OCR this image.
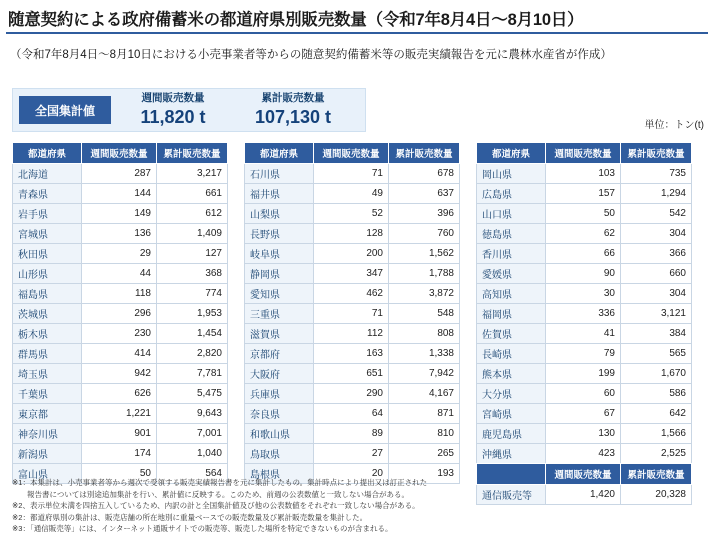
随意契約による政府備蓄米の都道府県別販売数量（令和7年8月4日～8月10日）
（令和7年8月4日～8月10日における小売事業者等からの随意契約備蓄米等の販売実績報告を元に農林水産省が作成）
全国集計値
週間販売数量
11,820 t
累計販売数量
107,130 t	単位：トン(t)
都道府県	週間販売数量	累計販売数量
北海道	287	3,217
青森県	144	661
岩手県	149	612
宮城県	136	1,409
秋田県	29	127
山形県	44	368
福島県	118	774
茨城県	296	1,953
栃木県	230	1,454
群馬県	414	2,820
埼玉県	942	7,781
千葉県	626	5,475
東京都	1,221	9,643
神奈川県	901	7,001
新潟県	174	1,040
富山県	50	564
都道府県	週間販売数量	累計販売数量
石川県	71	678
福井県	49	637
山梨県	52	396
長野県	128	760
岐阜県	200	1,562
静岡県	347	1,788
愛知県	462	3,872
三重県	71	548
滋賀県	112	808
京都府	163	1,338
大阪府	651	7,942
兵庫県	290	4,167
奈良県	64	871
和歌山県	89	810
鳥取県	27	265
島根県	20	193
都道府県	週間販売数量	累計販売数量
岡山県	103	735
広島県	157	1,294
山口県	50	542
徳島県	62	304
香川県	66	366
愛媛県	90	660
高知県	30	304
福岡県	336	3,121
佐賀県	41	384
長崎県	79	565
熊本県	199	1,670
大分県	60	586
宮崎県	67	642
鹿児島県	130	1,566
沖縄県	423	2,525
	週間販売数量	累計販売数量
通信販売等	1,420	20,328
※1：本集計は、小売事業者等から週次で受領する販売実績報告書を元に集計したもの。集計時点により提出又は訂正された
　　報告書については別途追加集計を行い、累計値に反映する。このため、前週の公表数値と一致しない場合がある。
※2、表示単位未満を四捨五入しているため、内訳の計と全国集計値及び他の公表数値をそれぞれ一致しない場合がある。
※2：都道府県別の集計は、販売店舗の所在地別に重量ベースでの販売数量及び累計販売数量を集計した。
※3：「通信販売等」には、インターネット通販サイトでの販売等、販売した場所を特定できないものが含まれる。
